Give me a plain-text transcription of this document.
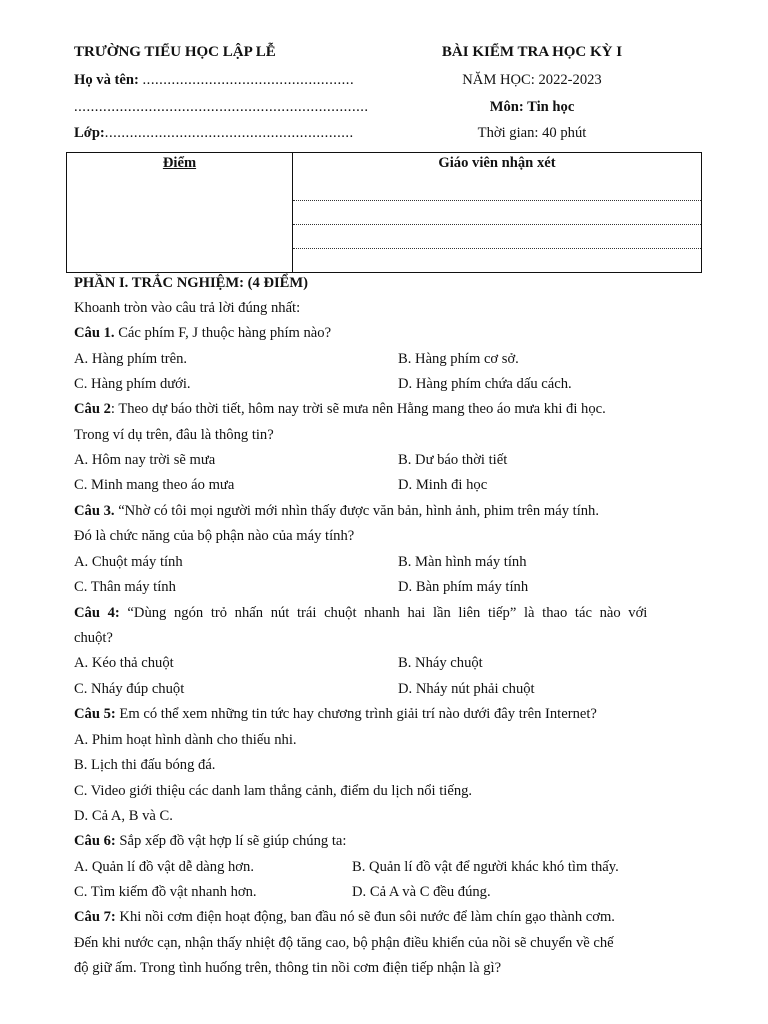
TRƯỜNG TIỂU HỌC LẬP LỄ
Họ và tên: ...................................................
.......................................................................
Lớp:............................................................
BÀI KIỂM TRA HỌC KỲ I
NĂM HỌC: 2022-2023
Môn: Tin học
Thời gian: 40 phút
Điểm	Giáo viên nhận xét
PHẦN I. TRẮC NGHIỆM: (4 ĐIỂM)
Khoanh tròn vào câu trả lời đúng nhất:
Câu 1. Các phím F, J thuộc hàng phím nào?
A. Hàng phím trên.	B. Hàng phím cơ sở.
C. Hàng phím dưới.	D. Hàng phím chứa dấu cách.
Câu 2: Theo dự báo thời tiết, hôm nay trời sẽ mưa nên Hằng mang theo áo mưa khi đi học.
Trong ví dụ trên, đâu là thông tin?
A. Hôm nay trời sẽ mưa	B. Dư báo thời tiết
C. Minh mang theo áo mưa	D. Minh đi học
Câu 3. “Nhờ có tôi mọi người mới nhìn thấy được văn bản, hình ảnh, phim trên máy tính.
Đó là chức năng của bộ phận nào của máy tính?
A. Chuột máy tính	B. Màn hình máy tính
C. Thân máy tính	D. Bàn phím máy tính
Câu 4: “Dùng ngón trỏ nhấn nút trái chuột nhanh hai lần liên tiếp” là thao tác nào với
chuột?
A. Kéo thả chuột	B. Nháy chuột
C. Nháy đúp chuột	D. Nháy nút phải chuột
Câu 5: Em có thể xem những tin tức hay chương trình giải trí nào dưới đây trên Internet?
A. Phim hoạt hình dành cho thiếu nhi.
B. Lịch thi đấu bóng đá.
C. Video giới thiệu các danh lam thắng cảnh, điểm du lịch nổi tiếng.
D. Cả A, B và C.
Câu 6: Sắp xếp đồ vật hợp lí sẽ giúp chúng ta:
A. Quản lí đồ vật dễ dàng hơn.	B. Quản lí đồ vật để người khác khó tìm thấy.
C. Tìm kiếm đồ vật nhanh hơn.	D. Cả A và C đều đúng.
Câu 7: Khi nồi cơm điện hoạt động, ban đầu nó sẽ đun sôi nước để làm chín gạo thành cơm.
Đến khi nước cạn, nhận thấy nhiệt độ tăng cao, bộ phận điều khiển của nồi sẽ chuyển về chế
độ giữ ấm. Trong tình huống trên, thông tin nồi cơm điện tiếp nhận là gì?
